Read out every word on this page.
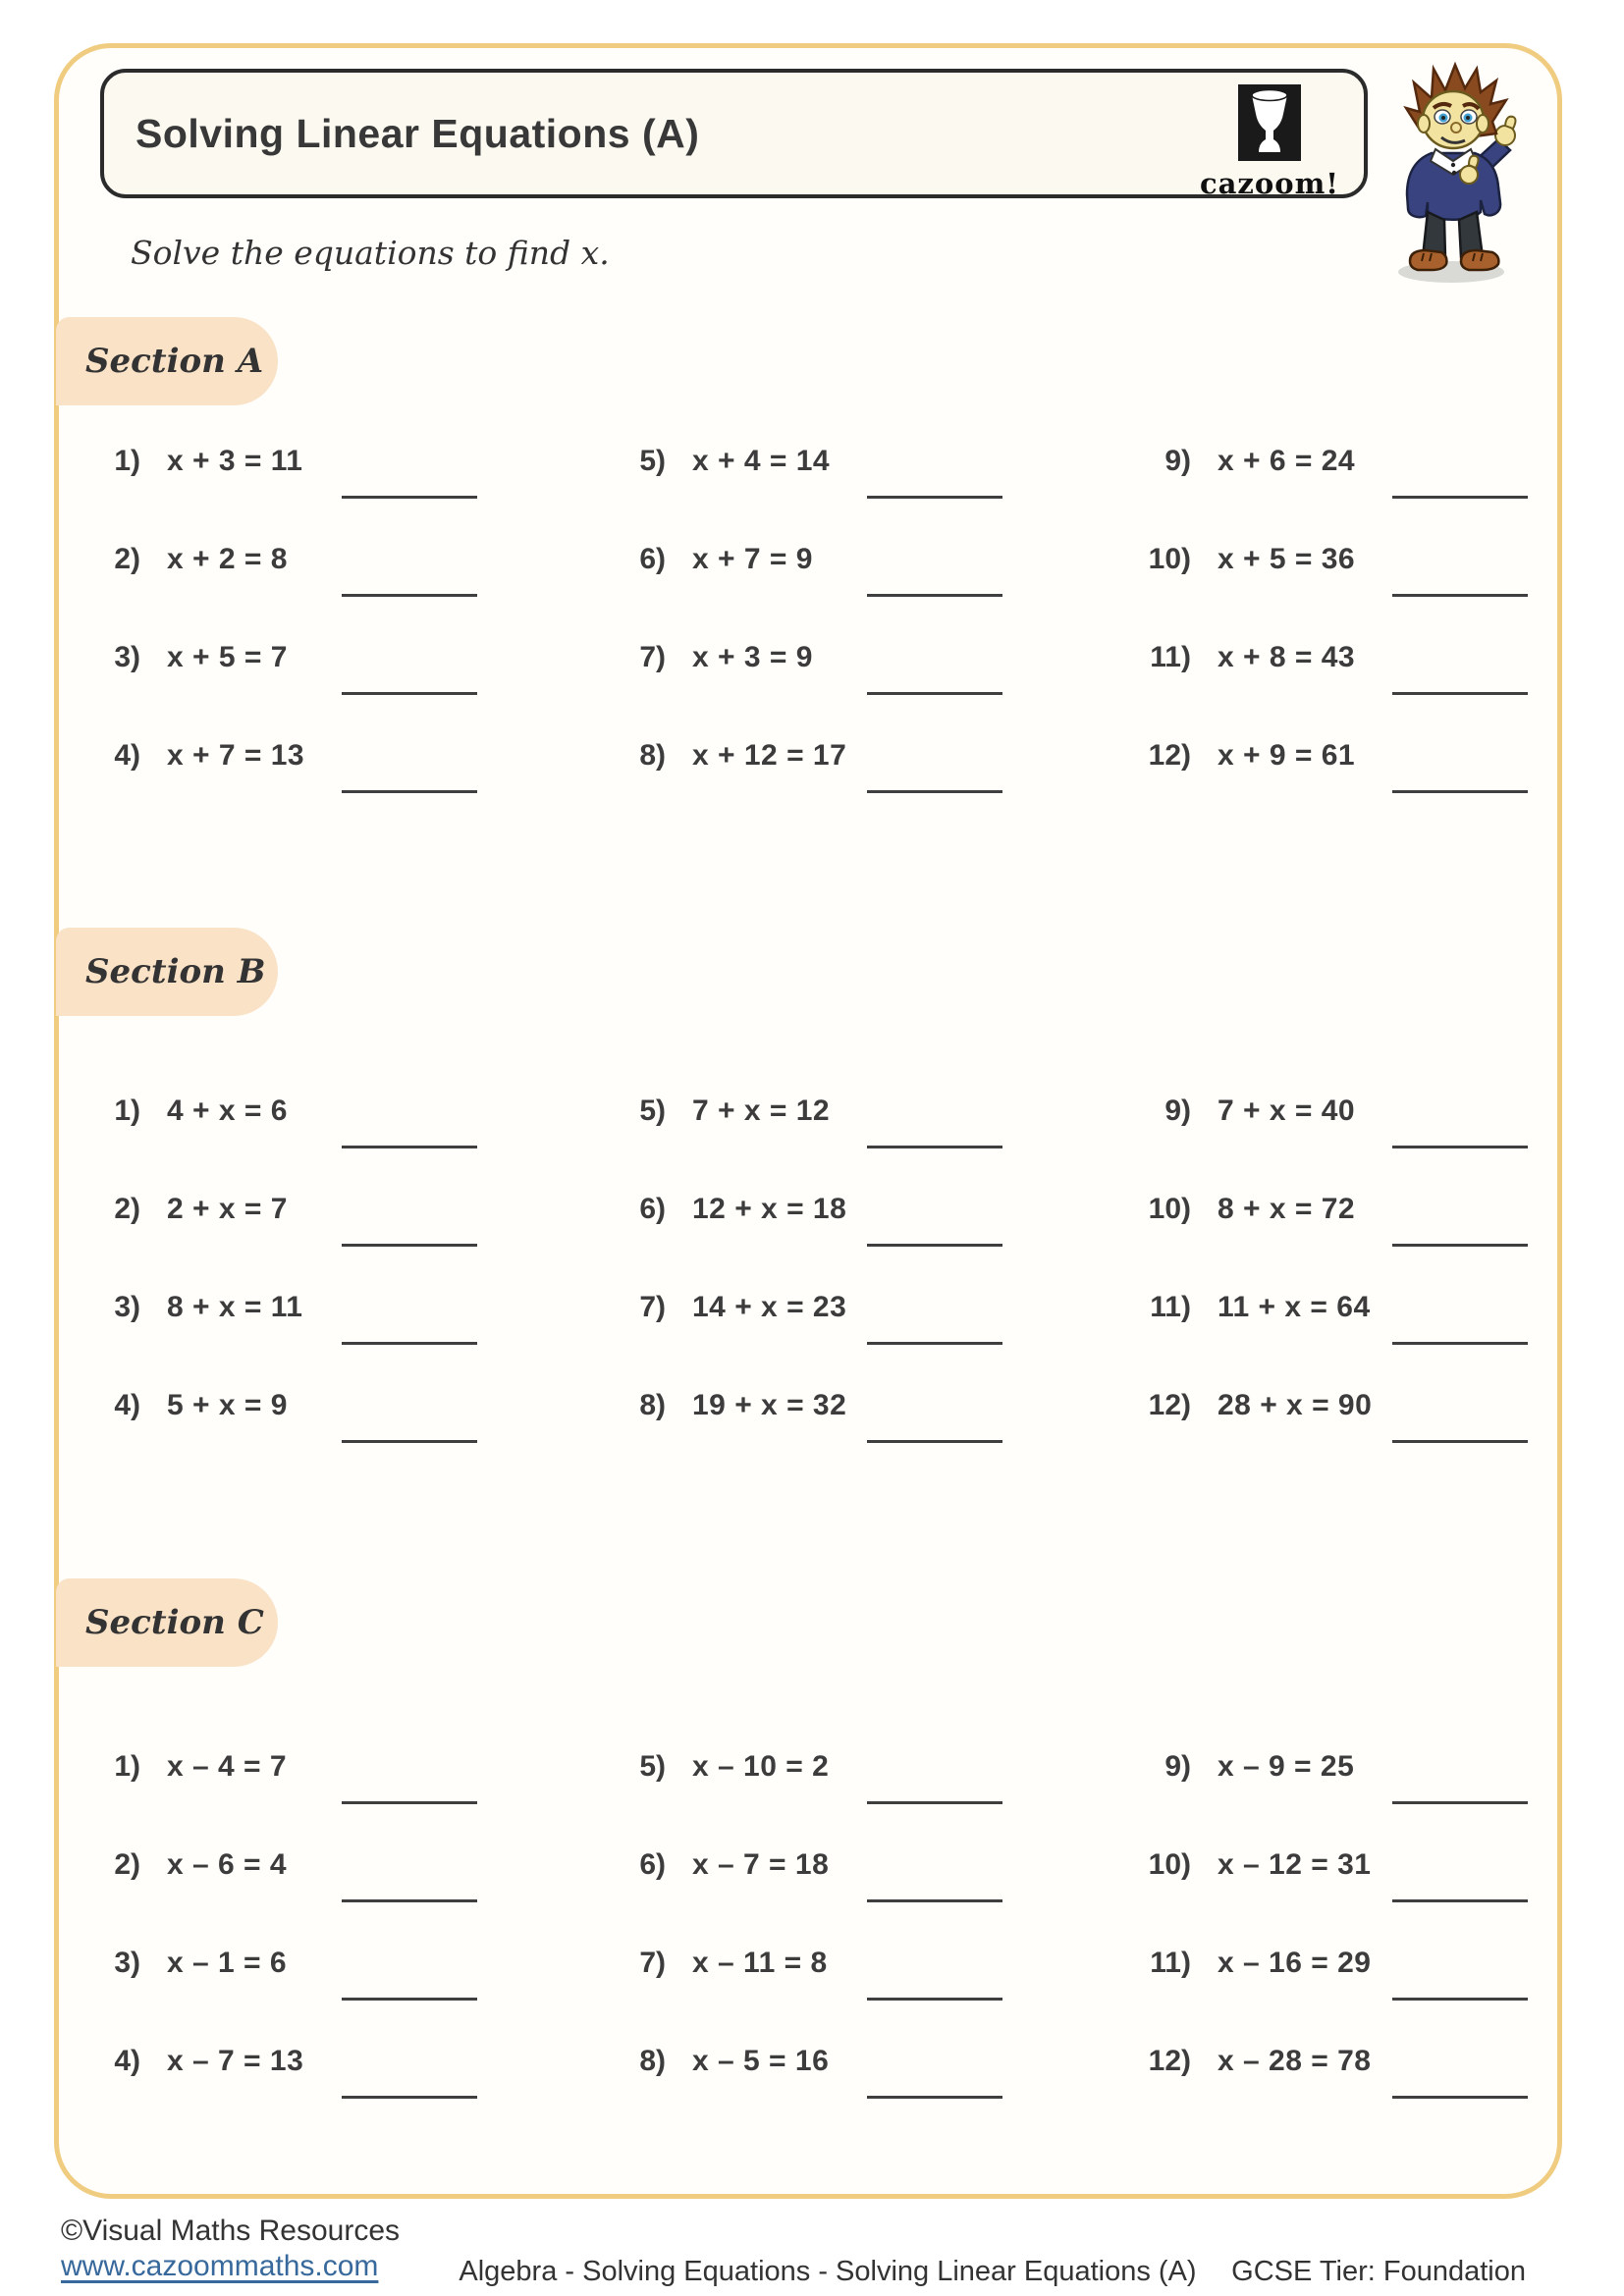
Solving Linear Equations (A)
cazoom!
Solve the equations to find x.
Section A
1) x + 3 = 11
2) x + 2 = 8
3) x + 5 = 7
4) x + 7 = 13
5) x + 4 = 14
6) x + 7 = 9
7) x + 3 = 9
8) x + 12 = 17
9) x + 6 = 24
10) x + 5 = 36
11) x + 8 = 43
12) x + 9 = 61
Section B
1) 4 + x = 6
2) 2 + x = 7
3) 8 + x = 11
4) 5 + x = 9
5) 7 + x = 12
6) 12 + x = 18
7) 14 + x = 23
8) 19 + x = 32
9) 7 + x = 40
10) 8 + x = 72
11) 11 + x = 64
12) 28 + x = 90
Section C
1) x – 4 = 7
2) x – 6 = 4
3) x – 1 = 6
4) x – 7 = 13
5) x – 10 = 2
6) x – 7 = 18
7) x – 11 = 8
8) x – 5 = 16
9) x – 9 = 25
10) x – 12 = 31
11) x – 16 = 29
12) x – 28 = 78
©Visual Maths Resources
www.cazoommaths.com	Algebra - Solving Equations - Solving Linear Equations (A)	GCSE Tier: Foundation
